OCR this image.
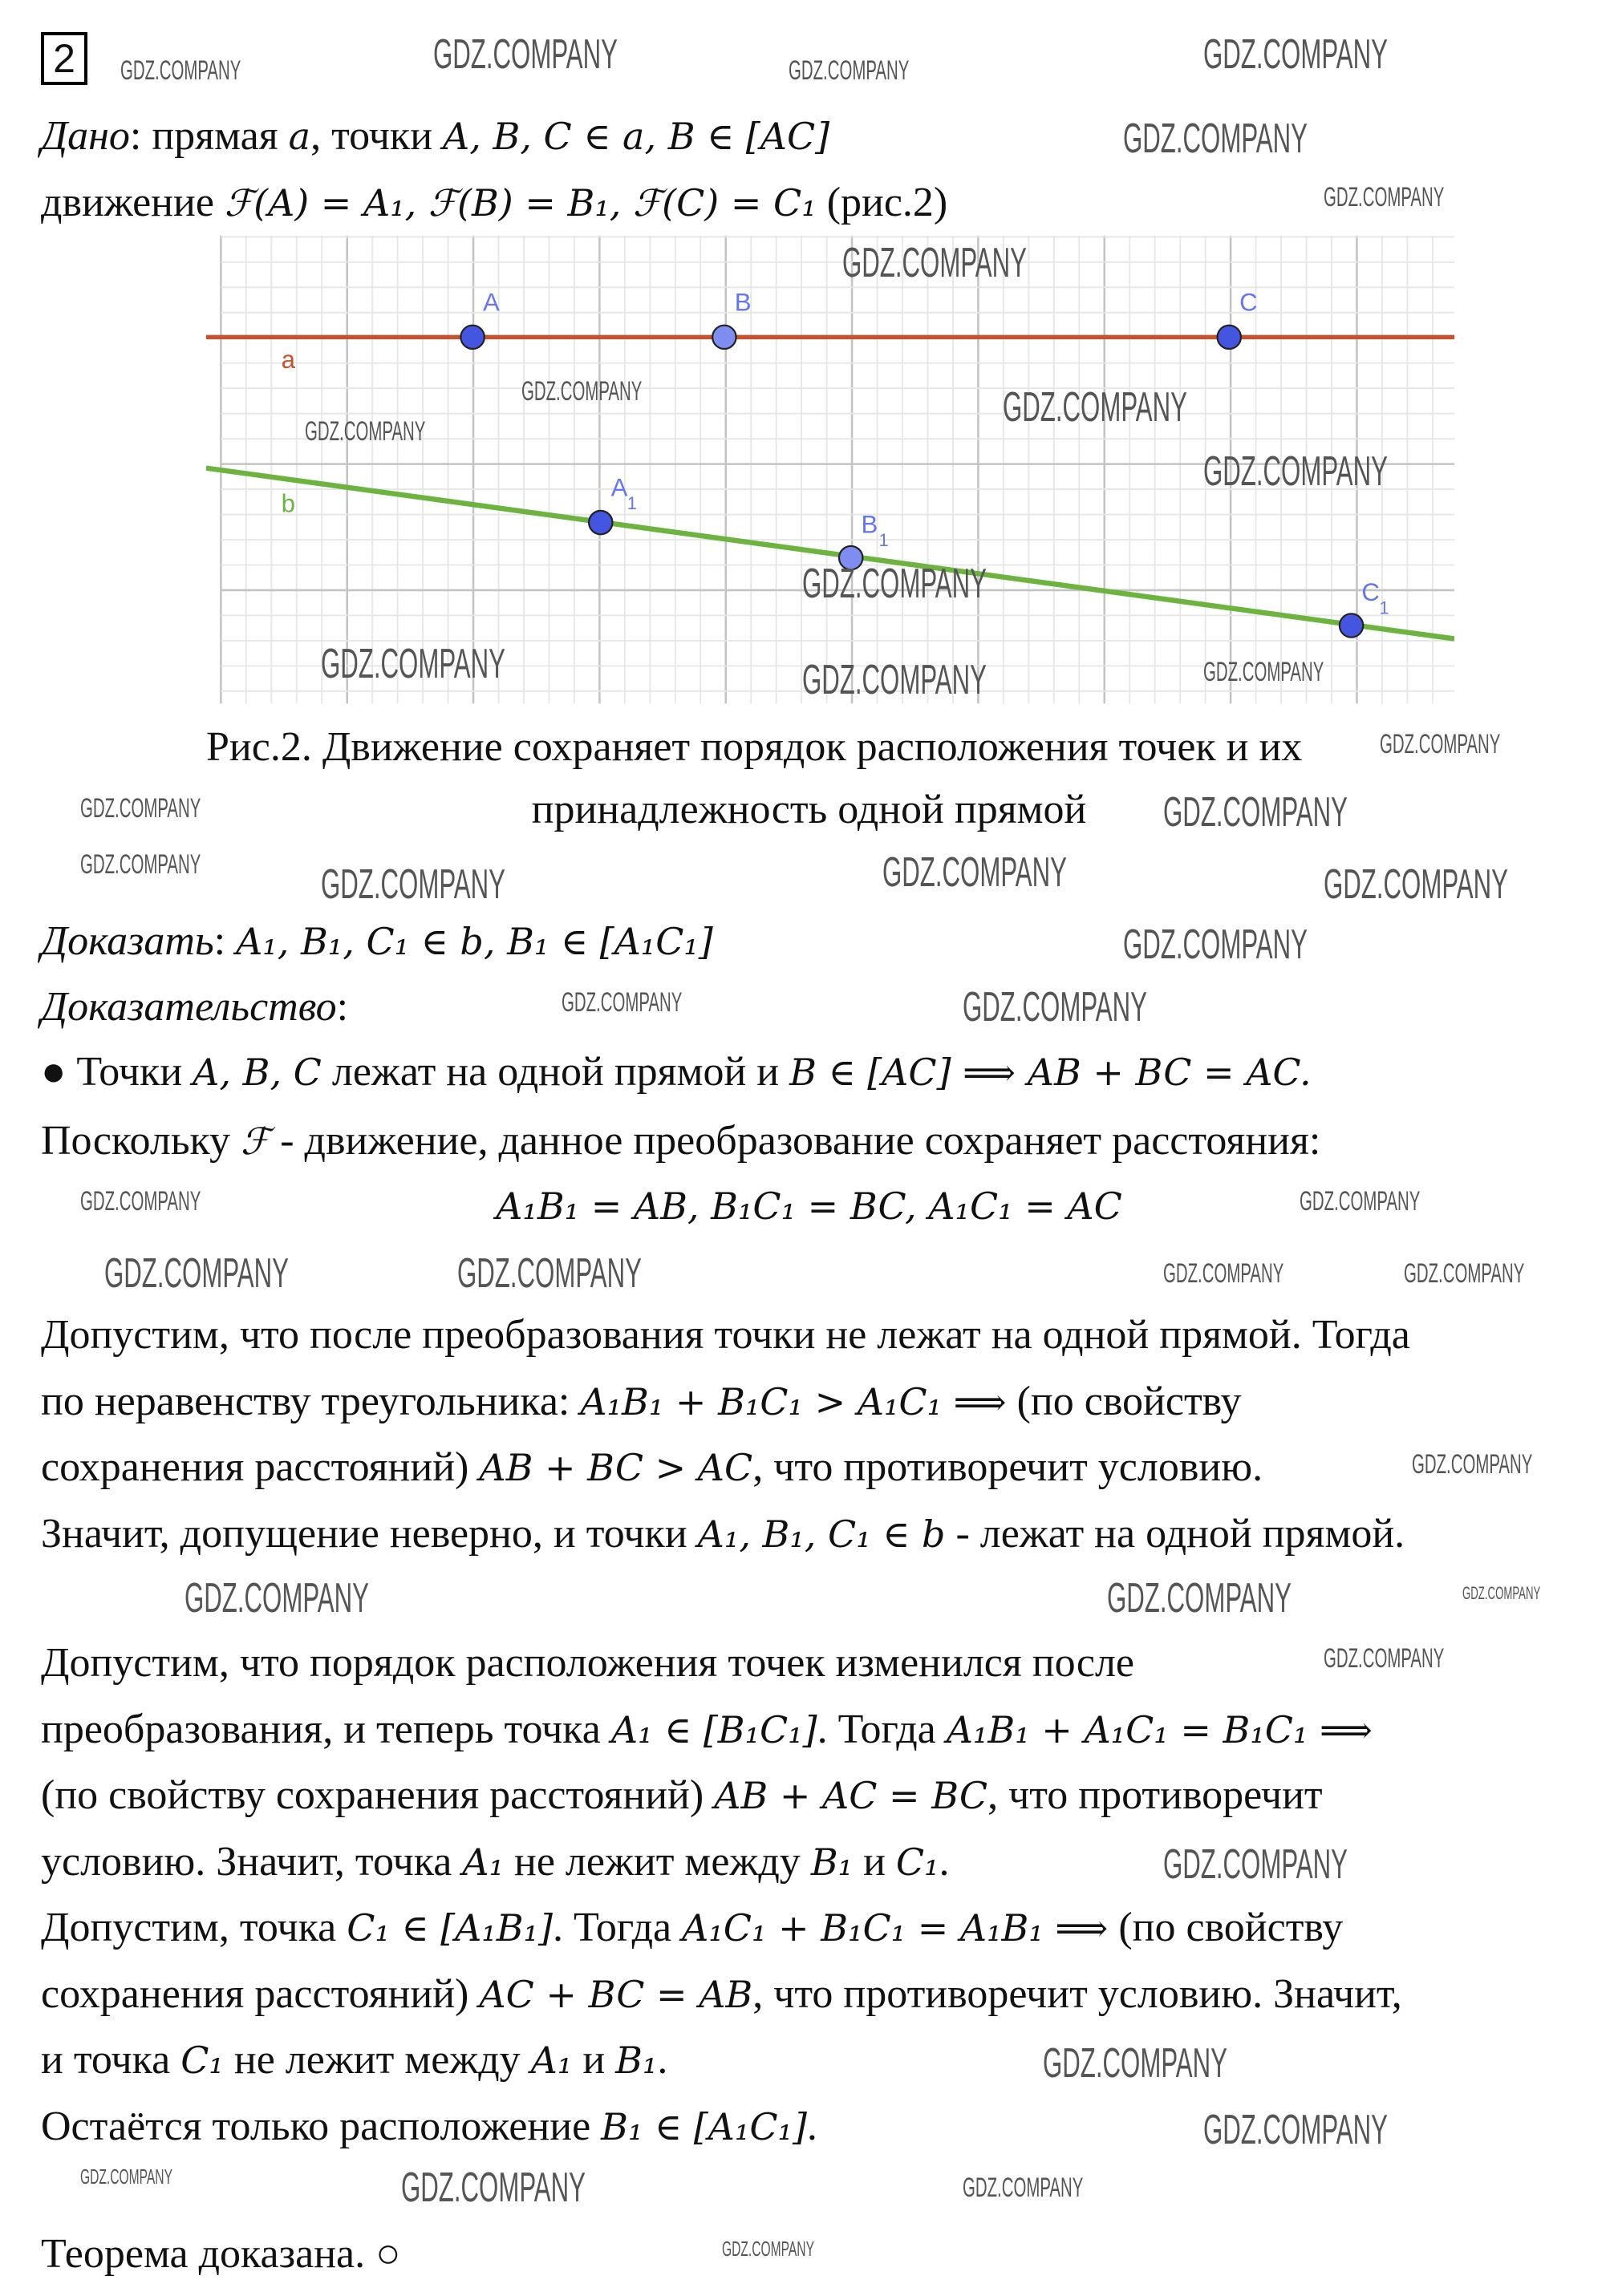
2
a
b
A	B	C
A
1
B
1
C
1
Дано: прямая a, точки A, B, C ∈ a, B ∈ [AC]
движение ℱ(A) = A₁, ℱ(B) = B₁, ℱ(C) = C₁ (рис.2)
Рис.2. Движение сохраняет порядок расположения точек и их
принадлежность одной прямой
Доказать: A₁, B₁, C₁ ∈ b, B₁ ∈ [A₁C₁]
Доказательство:
● Точки A, B, C лежат на одной прямой и B ∈ [AC] ⟹ AB + BC = AC.
Поскольку ℱ - движение, данное преобразование сохраняет расстояния:
A₁B₁ = AB, B₁C₁ = BC, A₁C₁ = AC
Допустим, что после преобразования точки не лежат на одной прямой. Тогда
по неравенству треугольника: A₁B₁ + B₁C₁ > A₁C₁ ⟹ (по свойству
сохранения расстояний) AB + BC > AC, что противоречит условию.
Значит, допущение неверно, и точки A₁, B₁, C₁ ∈ b - лежат на одной прямой.
Допустим, что порядок расположения точек изменился после
преобразования, и теперь точка A₁ ∈ [B₁C₁]. Тогда A₁B₁ + A₁C₁ = B₁C₁ ⟹
(по свойству сохранения расстояний) AB + AC = BC, что противоречит
условию. Значит, точка A₁ не лежит между B₁ и C₁.
Допустим, точка C₁ ∈ [A₁B₁]. Тогда A₁C₁ + B₁C₁ = A₁B₁ ⟹ (по свойству
сохранения расстояний) AC + BC = AB, что противоречит условию. Значит,
и точка C₁ не лежит между A₁ и B₁.
Остаётся только расположение B₁ ∈ [A₁C₁].
Теорема доказана. ○
GDZ.COMPANY	GDZ.COMPANY	GDZ.COMPANY	GDZ.COMPANY
GDZ.COMPANY
GDZ.COMPANY
GDZ.COMPANY
GDZ.COMPANY
GDZ.COMPANY
GDZ.COMPANY
GDZ.COMPANY
GDZ.COMPANY
GDZ.COMPANY	GDZ.COMPANY	GDZ.COMPANY
GDZ.COMPANY
GDZ.COMPANY	GDZ.COMPANY
GDZ.COMPANY	GDZ.COMPANY	GDZ.COMPANY	GDZ.COMPANY
GDZ.COMPANY
GDZ.COMPANY	GDZ.COMPANY
GDZ.COMPANY	GDZ.COMPANY
GDZ.COMPANY	GDZ.COMPANY	GDZ.COMPANY	GDZ.COMPANY
GDZ.COMPANY
GDZ.COMPANY	GDZ.COMPANY	GDZ.COMPANY
GDZ.COMPANY
GDZ.COMPANY
GDZ.COMPANY
GDZ.COMPANY
GDZ.COMPANY	GDZ.COMPANY	GDZ.COMPANY
GDZ.COMPANY
